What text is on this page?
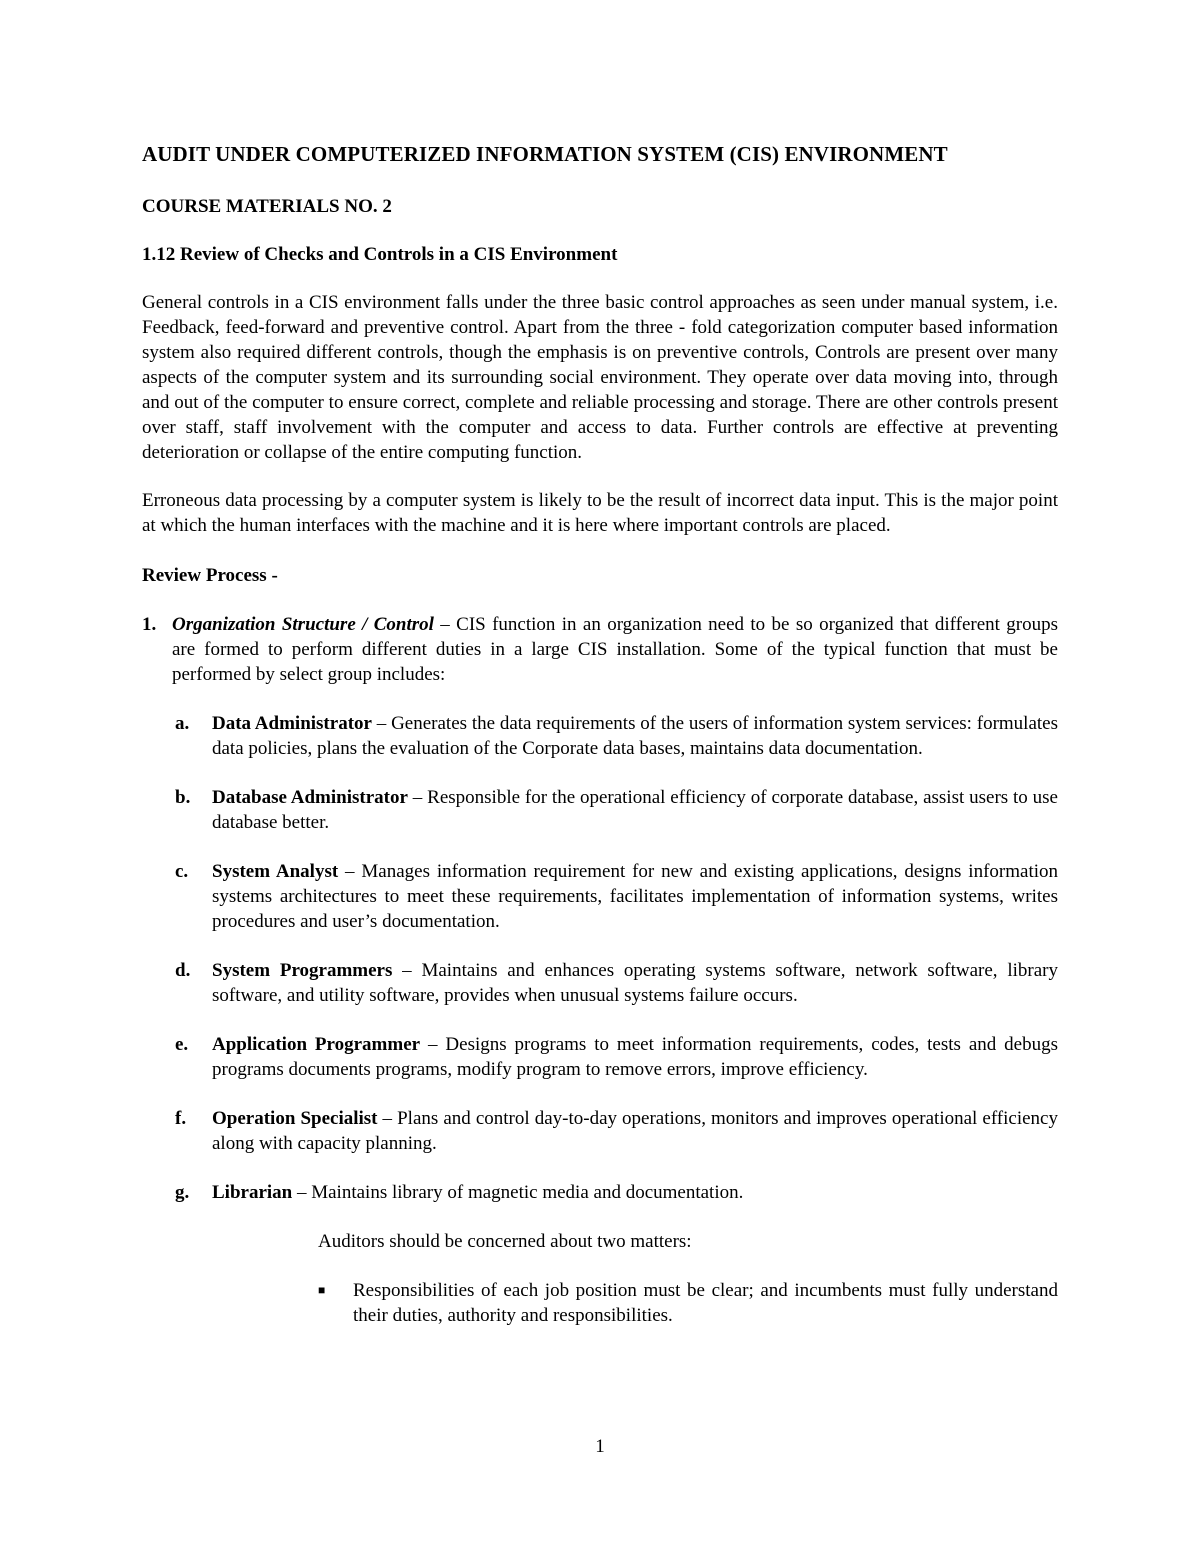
AUDIT UNDER COMPUTERIZED INFORMATION SYSTEM (CIS) ENVIRONMENT
COURSE MATERIALS NO. 2
1.12 Review of Checks and Controls in a CIS Environment
General controls in a CIS environment falls under the three basic control approaches as seen under manual system, i.e. Feedback, feed-forward and preventive control. Apart from the three - fold categorization computer based information system also required different controls, though the emphasis is on preventive controls, Controls are present over many aspects of the computer system and its surrounding social environment. They operate over data moving into, through and out of the computer to ensure correct, complete and reliable processing and storage. There are other controls present over staff, staff involvement with the computer and access to data. Further controls are effective at preventing deterioration or collapse of the entire computing function.
Erroneous data processing by a computer system is likely to be the result of incorrect data input. This is the major point at which the human interfaces with the machine and it is here where important controls are placed.
Review Process -
1. Organization Structure / Control – CIS function in an organization need to be so organized that different groups are formed to perform different duties in a large CIS installation. Some of the typical function that must be performed by select group includes:
a. Data Administrator – Generates the data requirements of the users of information system services: formulates data policies, plans the evaluation of the Corporate data bases, maintains data documentation.
b. Database Administrator – Responsible for the operational efficiency of corporate database, assist users to use database better.
c. System Analyst – Manages information requirement for new and existing applications, designs information systems architectures to meet these requirements, facilitates implementation of information systems, writes procedures and user’s documentation.
d. System Programmers – Maintains and enhances operating systems software, network software, library software, and utility software, provides when unusual systems failure occurs.
e. Application Programmer – Designs programs to meet information requirements, codes, tests and debugs programs documents programs, modify program to remove errors, improve efficiency.
f. Operation Specialist – Plans and control day-to-day operations, monitors and improves operational efficiency along with capacity planning.
g. Librarian – Maintains library of magnetic media and documentation.
Auditors should be concerned about two matters:
■ Responsibilities of each job position must be clear; and incumbents must fully understand their duties, authority and responsibilities.
1
